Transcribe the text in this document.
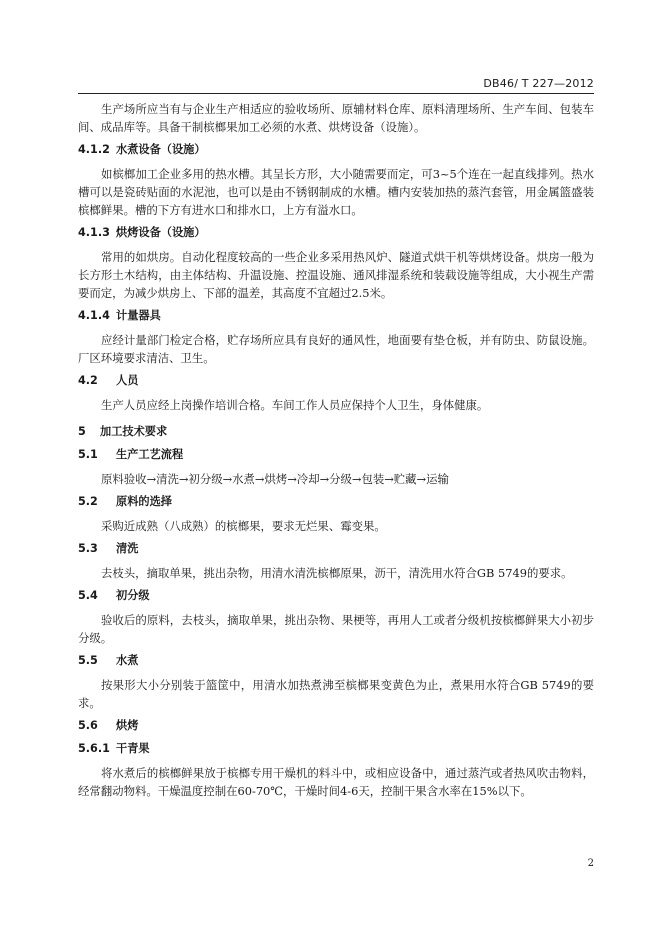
DB46/ T 227—2012

生产场所应当有与企业生产相适应的验收场所、原辅材料仓库、原料清理场所、生产车间、包装车间、成品库等。具备干制槟榔果加工必须的水煮、烘烤设备（设施）。

4.1.2 水煮设备（设施）

如槟榔加工企业多用的热水槽。其呈长方形，大小随需要而定，可3~5个连在一起直线排列。热水槽可以是瓷砖贴面的水泥池，也可以是由不锈钢制成的水槽。槽内安装加热的蒸汽套管，用金属篮盛装槟榔鲜果。槽的下方有进水口和排水口，上方有溢水口。

4.1.3 烘烤设备（设施）

常用的如烘房。自动化程度较高的一些企业多采用热风炉、隧道式烘干机等烘烤设备。烘房一般为长方形土木结构，由主体结构、升温设施、控温设施、通风排湿系统和装载设施等组成，大小视生产需要而定，为减少烘房上、下部的温差，其高度不宜超过2.5米。

4.1.4 计量器具

应经计量部门检定合格，贮存场所应具有良好的通风性，地面要有垫仓板，并有防虫、防鼠设施。厂区环境要求清洁、卫生。

4.2 人员

生产人员应经上岗操作培训合格。车间工作人员应保持个人卫生，身体健康。

5 加工技术要求
5.1 生产工艺流程

原料验收→清洗→初分级→水煮→烘烤→冷却→分级→包装→贮藏→运输

5.2 原料的选择

采购近成熟（八成熟）的槟榔果，要求无烂果、霉变果。

5.3 清洗

去枝头，摘取单果，挑出杂物，用清水清洗槟榔原果，沥干，清洗用水符合GB 5749的要求。

5.4 初分级

验收后的原料，去枝头，摘取单果，挑出杂物、果梗等，再用人工或者分级机按槟榔鲜果大小初步分级。

5.5 水煮

按果形大小分别装于篮筐中，用清水加热煮沸至槟榔果变黄色为止，煮果用水符合GB 5749的要求。

5.6 烘烤
5.6.1 干青果

将水煮后的槟榔鲜果放于槟榔专用干燥机的料斗中，或相应设备中，通过蒸汽或者热风吹击物料，经常翻动物料。干燥温度控制在60-70℃，干燥时间4-6天，控制干果含水率在15%以下。

2
